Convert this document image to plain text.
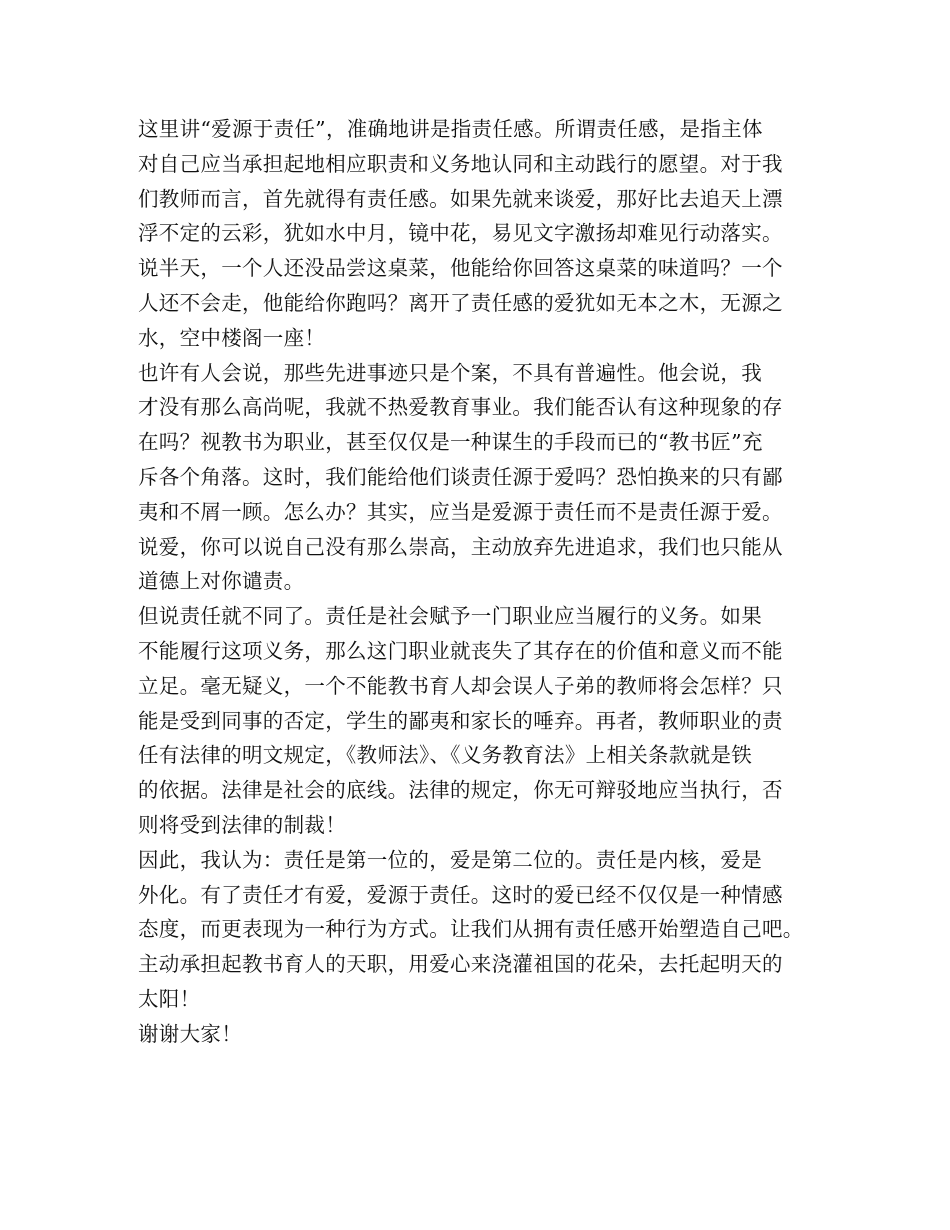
这里讲“爱源于责任”，准确地讲是指责任感。所谓责任感，是指主体
对自己应当承担起地相应职责和义务地认同和主动践行的愿望。对于我
们教师而言，首先就得有责任感。如果先就来谈爱，那好比去追天上漂
浮不定的云彩，犹如水中月，镜中花，易见文字激扬却难见行动落实。
说半天，一个人还没品尝这桌菜，他能给你回答这桌菜的味道吗？一个
人还不会走，他能给你跑吗？离开了责任感的爱犹如无本之木，无源之
水，空中楼阁一座！
也许有人会说，那些先进事迹只是个案，不具有普遍性。他会说，我
才没有那么高尚呢，我就不热爱教育事业。我们能否认有这种现象的存
在吗？视教书为职业，甚至仅仅是一种谋生的手段而已的“教书匠”充
斥各个角落。这时，我们能给他们谈责任源于爱吗？恐怕换来的只有鄙
夷和不屑一顾。怎么办？其实，应当是爱源于责任而不是责任源于爱。
说爱，你可以说自己没有那么崇高，主动放弃先进追求，我们也只能从
道德上对你谴责。
但说责任就不同了。责任是社会赋予一门职业应当履行的义务。如果
不能履行这项义务，那么这门职业就丧失了其存在的价值和意义而不能
立足。毫无疑义，一个不能教书育人却会误人子弟的教师将会怎样？只
能是受到同事的否定，学生的鄙夷和家长的唾弃。再者，教师职业的责
任有法律的明文规定，《教师法》、《义务教育法》上相关条款就是铁
的依据。法律是社会的底线。法律的规定，你无可辩驳地应当执行，否
则将受到法律的制裁！
因此，我认为：责任是第一位的，爱是第二位的。责任是内核，爱是
外化。有了责任才有爱，爱源于责任。这时的爱已经不仅仅是一种情感
态度，而更表现为一种行为方式。让我们从拥有责任感开始塑造自己吧。
主动承担起教书育人的天职，用爱心来浇灌祖国的花朵，去托起明天的
太阳！
谢谢大家！
